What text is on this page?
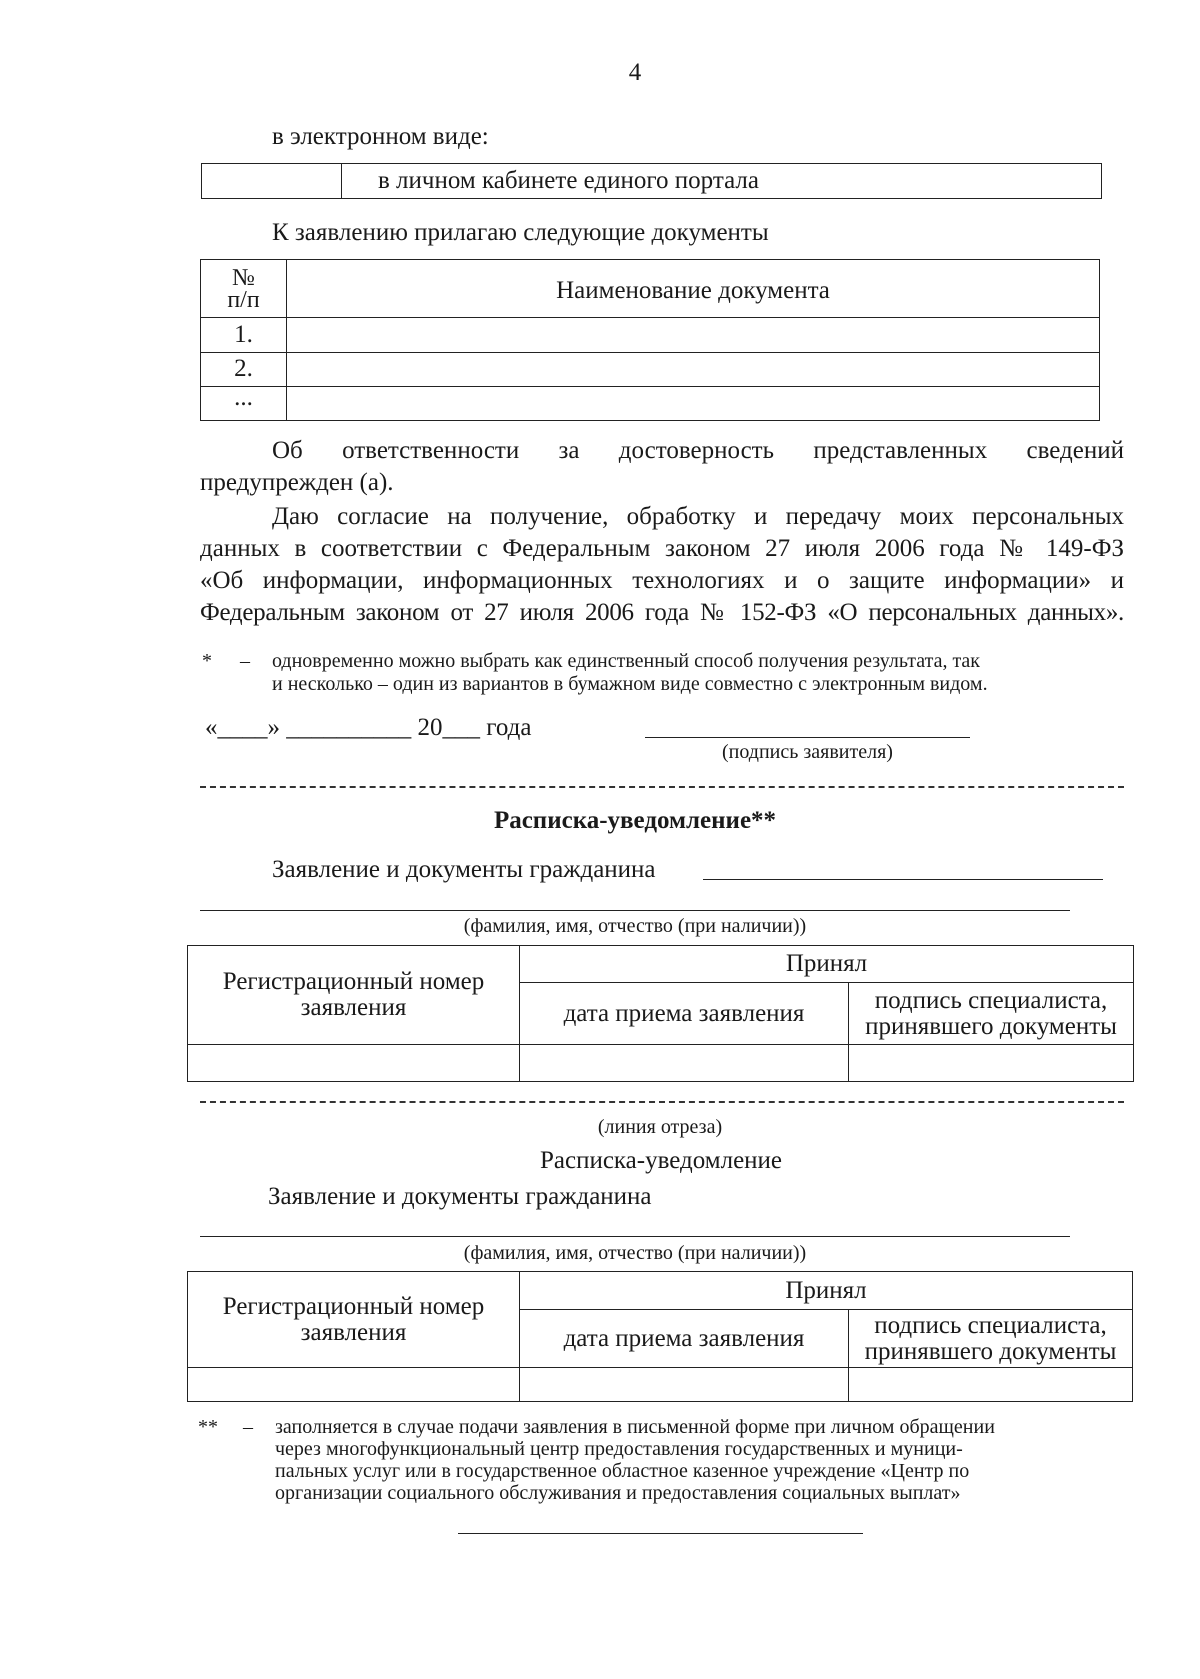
4
в электронном виде:
	в личном кабинете единого портала
К заявлению прилагаю следующие документы
№
п/п	Наименование документа
1.	
2.	
...	
Об ответственности за достоверность представленных сведений
предупрежден (а).
Даю согласие на получение, обработку и передачу моих персональных
данных в соответствии с Федеральным законом 27 июля 2006 года № 149-ФЗ
«Об информации, информационных технологиях и о защите информации» и
Федеральным законом от 27 июля 2006 года № 152-ФЗ «О персональных данных».
* – одновременно можно выбрать как единственный способ получения результата, так
и несколько – один из вариантов в бумажном виде совместно с электронным видом.
«____» __________ 20___ года
(подпись заявителя)
Расписка-уведомление**
Заявление и документы гражданина
(фамилия, имя, отчество (при наличии))
Регистрационный номер заявления	Принял	
	дата приема заявления	подпись специалиста, принявшего документы

(линия отреза)
Расписка-уведомление
Заявление и документы гражданина
(фамилия, имя, отчество (при наличии))
Регистрационный номер заявления	Принял	
	дата приема заявления	подпись специалиста, принявшего документы

** – заполняется в случае подачи заявления в письменной форме при личном обращении
через многофункциональный центр предоставления государственных и муници-
пальных услуг или в государственное областное казенное учреждение «Центр по
организации социального обслуживания и предоставления социальных выплат»
